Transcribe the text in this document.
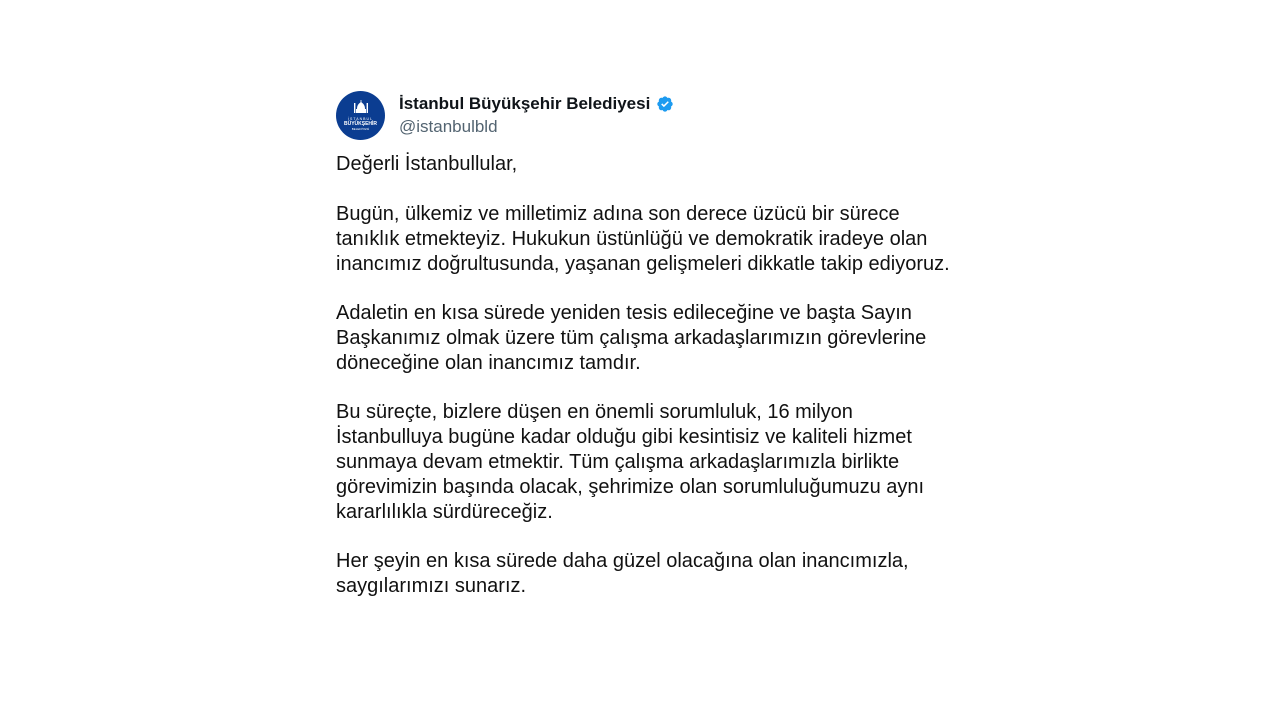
İSTANBUL
BÜYÜKŞEHİR
BELEDİYESİ
İstanbul Büyükşehir Belediyesi
@istanbulbld

Değerli İstanbullular,

Bugün, ülkemiz ve milletimiz adına son derece üzücü bir sürece
tanıklık etmekteyiz. Hukukun üstünlüğü ve demokratik iradeye olan
inancımız doğrultusunda, yaşanan gelişmeleri dikkatle takip ediyoruz.

Adaletin en kısa sürede yeniden tesis edileceğine ve başta Sayın
Başkanımız olmak üzere tüm çalışma arkadaşlarımızın görevlerine
döneceğine olan inancımız tamdır.

Bu süreçte, bizlere düşen en önemli sorumluluk, 16 milyon
İstanbulluya bugüne kadar olduğu gibi kesintisiz ve kaliteli hizmet
sunmaya devam etmektir. Tüm çalışma arkadaşlarımızla birlikte
görevimizin başında olacak, şehrimize olan sorumluluğumuzu aynı
kararlılıkla sürdüreceğiz.

Her şeyin en kısa sürede daha güzel olacağına olan inancımızla,
saygılarımızı sunarız.
